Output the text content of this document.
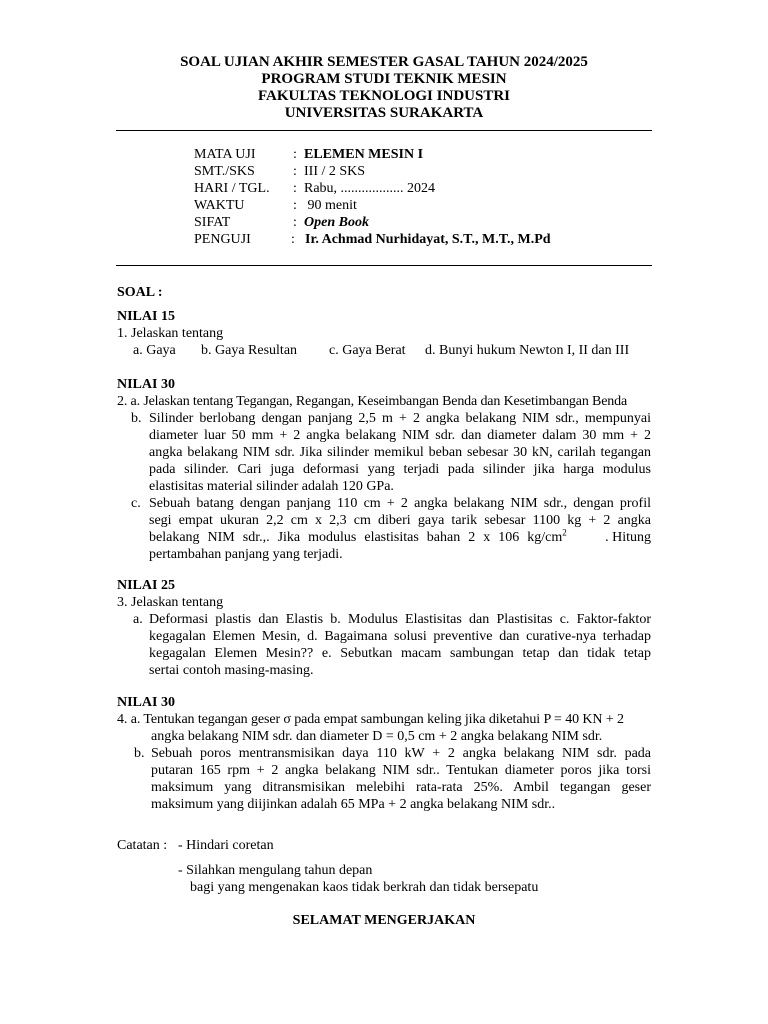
SOAL UJIAN AKHIR SEMESTER GASAL TAHUN 2024/2025
PROGRAM STUDI TEKNIK MESIN
FAKULTAS TEKNOLOGI INDUSTRI
UNIVERSITAS SURAKARTA
MATA UJI	: ELEMEN MESIN I
SMT./SKS	: III / 2 SKS
HARI / TGL. : Rabu, .................. 2024
WAKTU	: 90 menit
SIFAT	: Open Book
PENGUJI	: Ir. Achmad Nurhidayat, S.T., M.T., M.Pd
SOAL :
NILAI 15
1. Jelaskan tentang
a. Gaya b. Gaya Resultan c. Gaya Berat d. Bunyi hukum Newton I, II dan III
NILAI 30
2. a. Jelaskan tentang Tegangan, Regangan, Keseimbangan Benda dan Kesetimbangan Benda
b. Silinder berlobang dengan panjang 2,5 m + 2 angka belakang NIM sdr., mempunyai
diameter luar 50 mm + 2 angka belakang NIM sdr. dan diameter dalam 30 mm + 2
angka belakang NIM sdr. Jika silinder memikul beban sebesar 30 kN, carilah tegangan
pada silinder. Cari juga deformasi yang terjadi pada silinder jika harga modulus
elastisitas material silinder adalah 120 GPa.
c. Sebuah batang dengan panjang 110 cm + 2 angka belakang NIM sdr., dengan profil
segi empat ukuran 2,2 cm x 2,3 cm diberi gaya tarik sebesar 1100 kg + 2 angka
belakang NIM sdr.,. Jika modulus elastisitas bahan 2 x 106 $kg/cm^2$	. Hitung
pertambahan panjang yang terjadi.
NILAI 25
3. Jelaskan tentang
a. Deformasi plastis dan Elastis b. Modulus Elastisitas dan Plastisitas c. Faktor-faktor
kegagalan Elemen Mesin, d. Bagaimana solusi preventive dan curative-nya terhadap
kegagalan Elemen Mesin?? e. Sebutkan macam sambungan tetap dan tidak tetap
sertai contoh masing-masing.
NILAI 30
4. a. Tentukan tegangan geser σ pada empat sambungan keling jika diketahui P = 40 KN + 2
angka belakang NIM sdr. dan diameter D = 0,5 cm + 2 angka belakang NIM sdr.
b. Sebuah poros mentransmisikan daya 110 kW + 2 angka belakang NIM sdr. pada
putaran 165 rpm + 2 angka belakang NIM sdr.. Tentukan diameter poros jika torsi
maksimum yang ditransmisikan melebihi rata-rata 25%. Ambil tegangan geser
maksimum yang diijinkan adalah 65 MPa + 2 angka belakang NIM sdr..
Catatan : - Hindari coretan
- Silahkan mengulang tahun depan
bagi yang mengenakan kaos tidak berkrah dan tidak bersepatu
SELAMAT MENGERJAKAN
